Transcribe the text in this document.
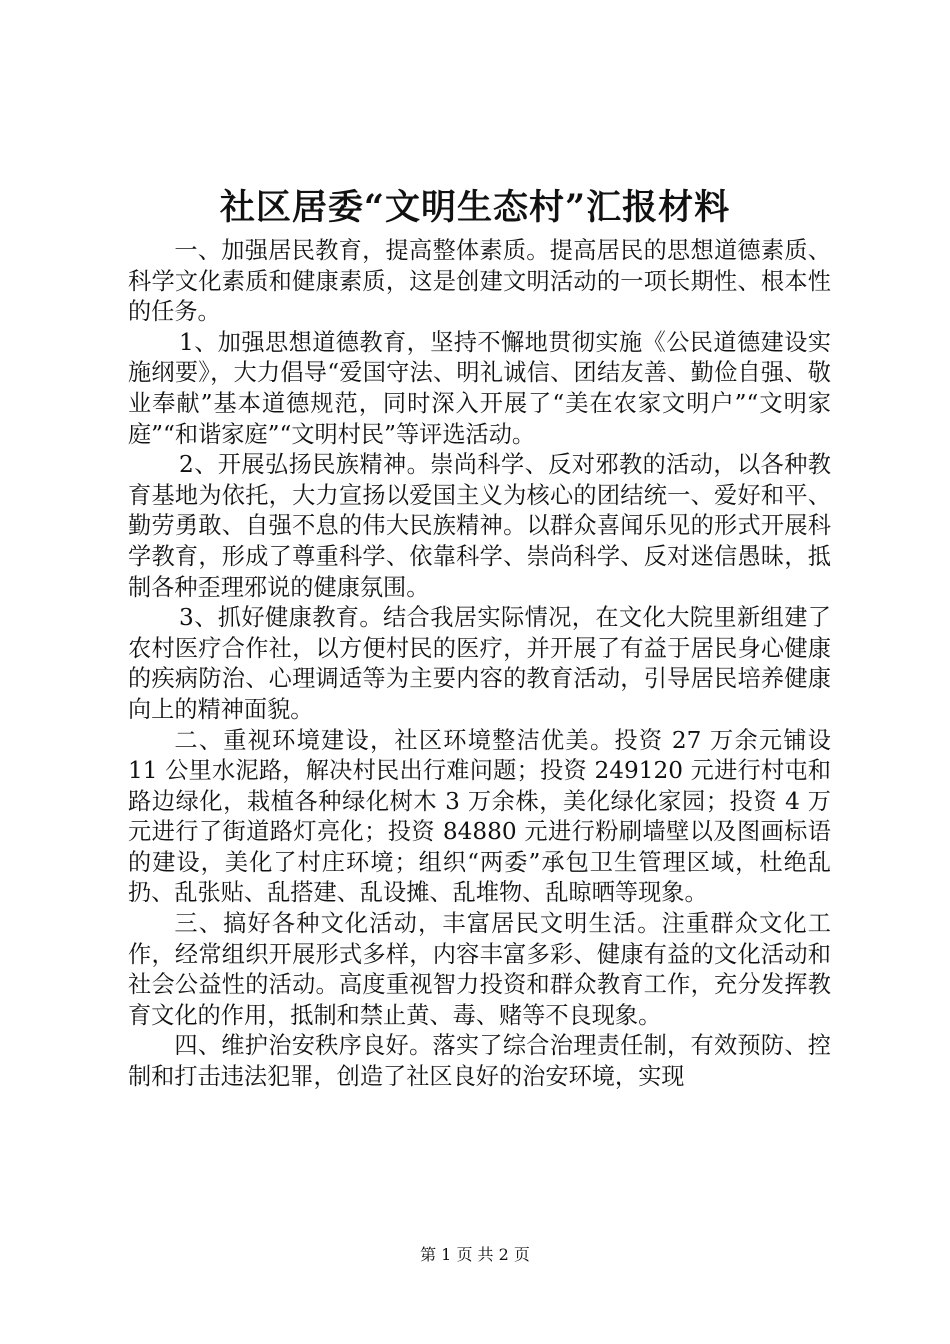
社区居委“文明生态村”汇报材料

一、加强居民教育，提高整体素质。提高居民的思想道德素质、科学文化素质和健康素质，这是创建文明活动的一项长期性、根本性的任务。

1、加强思想道德教育，坚持不懈地贯彻实施《公民道德建设实施纲要》，大力倡导“爱国守法、明礼诚信、团结友善、勤俭自强、敬业奉献”基本道德规范，同时深入开展了“美在农家文明户”“文明家庭”“和谐家庭”“文明村民”等评选活动。

2、开展弘扬民族精神。崇尚科学、反对邪教的活动，以各种教育基地为依托，大力宣扬以爱国主义为核心的团结统一、爱好和平、勤劳勇敢、自强不息的伟大民族精神。以群众喜闻乐见的形式开展科学教育，形成了尊重科学、依靠科学、崇尚科学、反对迷信愚昧，抵制各种歪理邪说的健康氛围。

3、抓好健康教育。结合我居实际情况，在文化大院里新组建了农村医疗合作社，以方便村民的医疗，并开展了有益于居民身心健康的疾病防治、心理调适等为主要内容的教育活动，引导居民培养健康向上的精神面貌。

二、重视环境建设，社区环境整洁优美。投资 27 万余元铺设 11 公里水泥路，解决村民出行难问题；投资 249120 元进行村屯和路边绿化，栽植各种绿化树木 3 万余株，美化绿化家园；投资 4 万元进行了街道路灯亮化；投资 84880 元进行粉刷墙壁以及图画标语的建设，美化了村庄环境；组织“两委”承包卫生管理区域，杜绝乱扔、乱张贴、乱搭建、乱设摊、乱堆物、乱晾晒等现象。

三、搞好各种文化活动，丰富居民文明生活。注重群众文化工作，经常组织开展形式多样，内容丰富多彩、健康有益的文化活动和社会公益性的活动。高度重视智力投资和群众教育工作，充分发挥教育文化的作用，抵制和禁止黄、毒、赌等不良现象。

四、维护治安秩序良好。落实了综合治理责任制，有效预防、控制和打击违法犯罪，创造了社区良好的治安环境，实现

第 1 页 共 2 页
